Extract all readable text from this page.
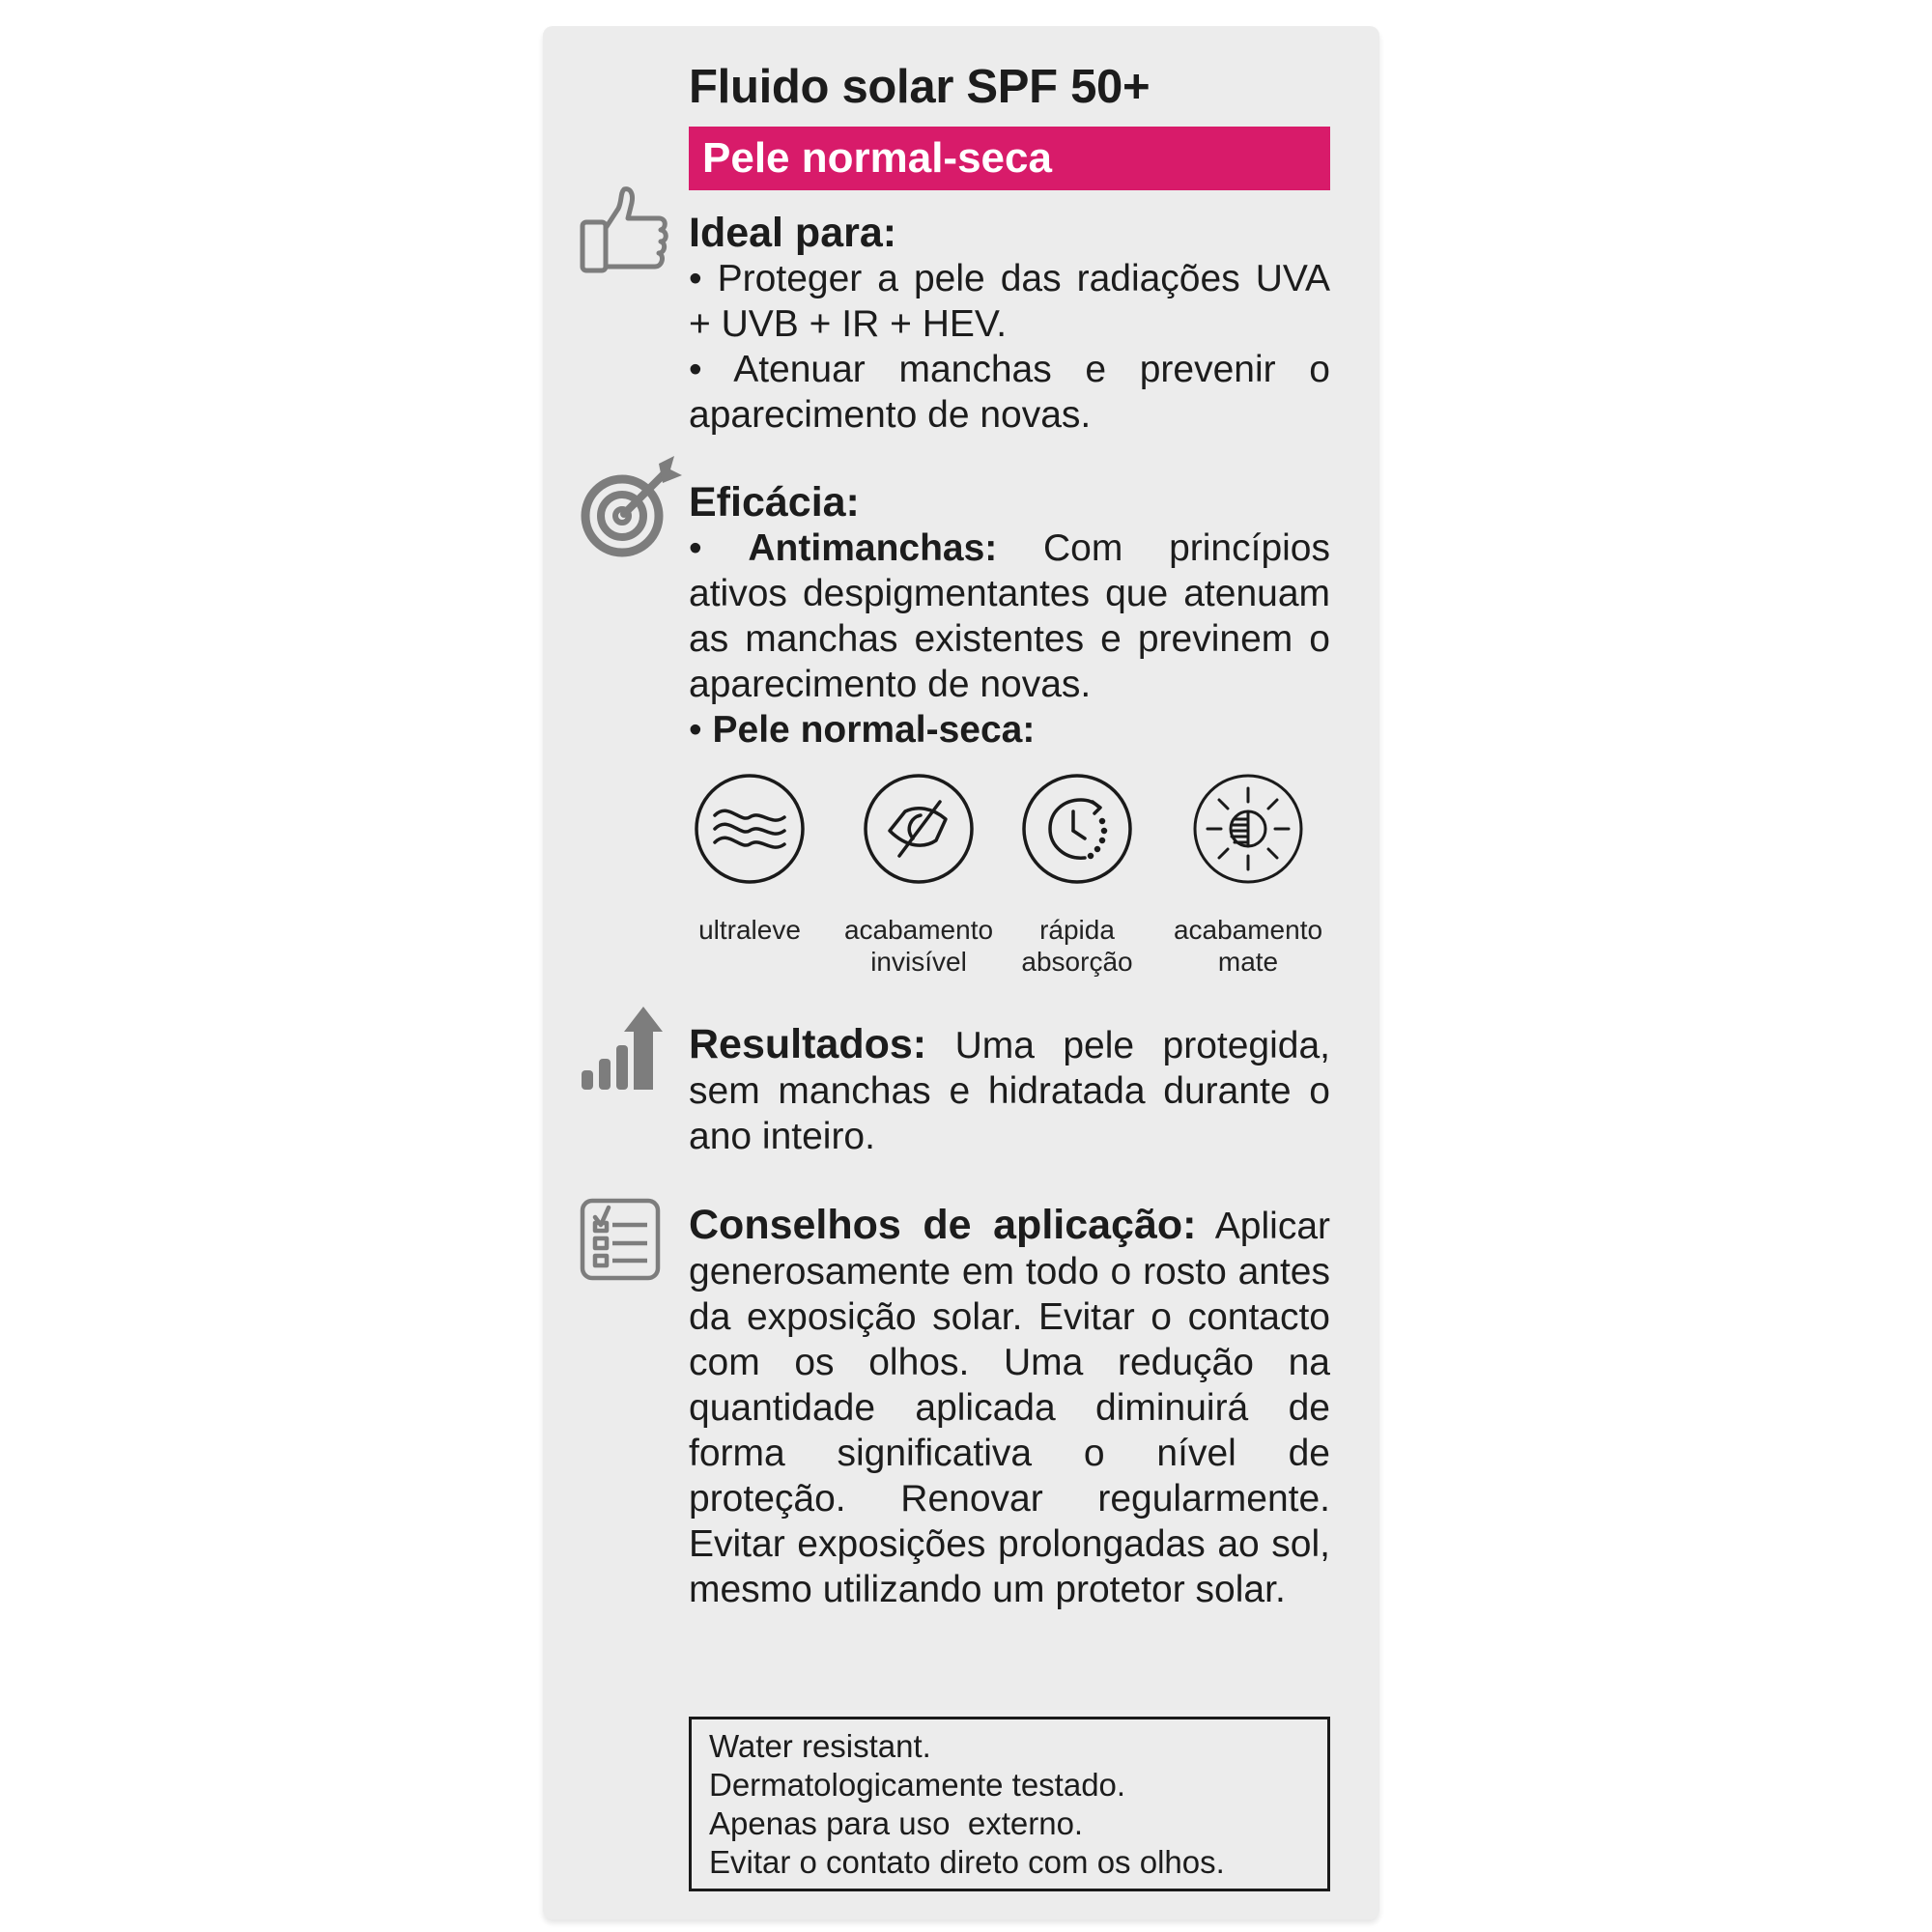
Fluido solar SPF 50+
Pele normal-seca

Ideal para:

• Proteger a pele das radiações UVA + UVB + IR + HEV.

• Atenuar manchas e prevenir o aparecimento de novas.

Eficácia:

• Antimanchas: Com princípios ativos despigmentantes que atenuam as manchas existentes e previnem o aparecimento de novas.

• Pele normal-seca:

ultraleve	acabamento
invisível
rápida
absorção
acabamento
mate

Resultados: Uma pele protegida, sem manchas e hidratada durante o ano inteiro.

Conselhos de aplicação: Aplicar generosamente em todo o rosto antes da exposição solar. Evitar o contacto com os olhos. Uma redução na quantidade aplicada diminuirá de forma significativa o nível de proteção. Renovar regularmente. Evitar exposições prolongadas ao sol, mesmo utilizando um protetor solar.

Water resistant.
Dermatologicamente testado.
Apenas para uso  externo.
Evitar o contato direto com os olhos.
